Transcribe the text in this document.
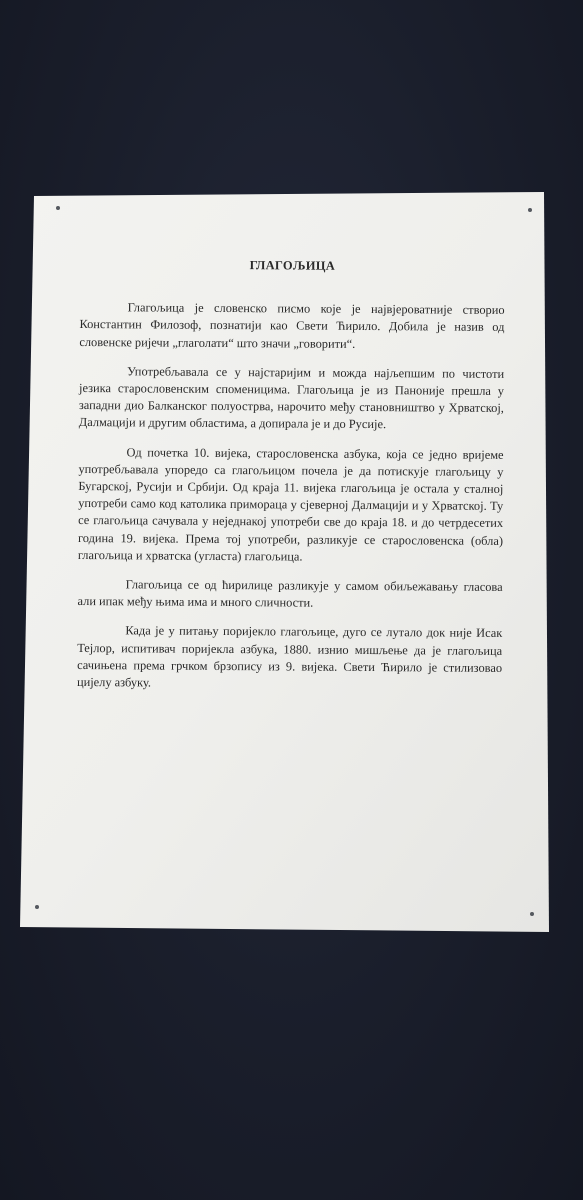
ГЛАГОЉИЦА

Глагољица је словенско писмо које је највјероватније створио Константин Филозоф, познатији као Свети Ћирило. Добила је назив од словенске ријечи „глаголати“ што значи „говорити“.

Употребљавала се у најстаријим и можда најљепшим по чистоти језика старословенским споменицима. Глагољица је из Паноније прешла у западни дио Балканског полуострва, нарочито међу становништво у Хрватској, Далмацији и другим областима, а допирала је и до Русије.

Од почетка 10. вијека, старословенска азбука, која се једно вријеме употребљавала упоредо са глагољицом почела је да потискује глагољицу у Бугарској, Русији и Србији. Од краја 11. вијека глагољица је остала у сталној употреби само код католика примораца у сјеверној Далмацији и у Хрватској. Ту се глагољица сачувала у неједнакој употреби све до краја 18. и до четрдесетих година 19. вијека. Према тој употреби, разликује се старословенска (обла) глагољица и хрватска (угласта) глагољица.

Глагољица се од ћирилице разликује у самом обиљежавању гласова али ипак међу њима има и много сличности.

Када је у питању поријекло глагољице, дуго се лутало док није Исак Тејлор, испитивач поријекла азбука, 1880. изнио мишљење да је глагољица сачињена према грчком брзопису из 9. вијека. Свети Ћирило је стилизовао цијелу азбуку.
